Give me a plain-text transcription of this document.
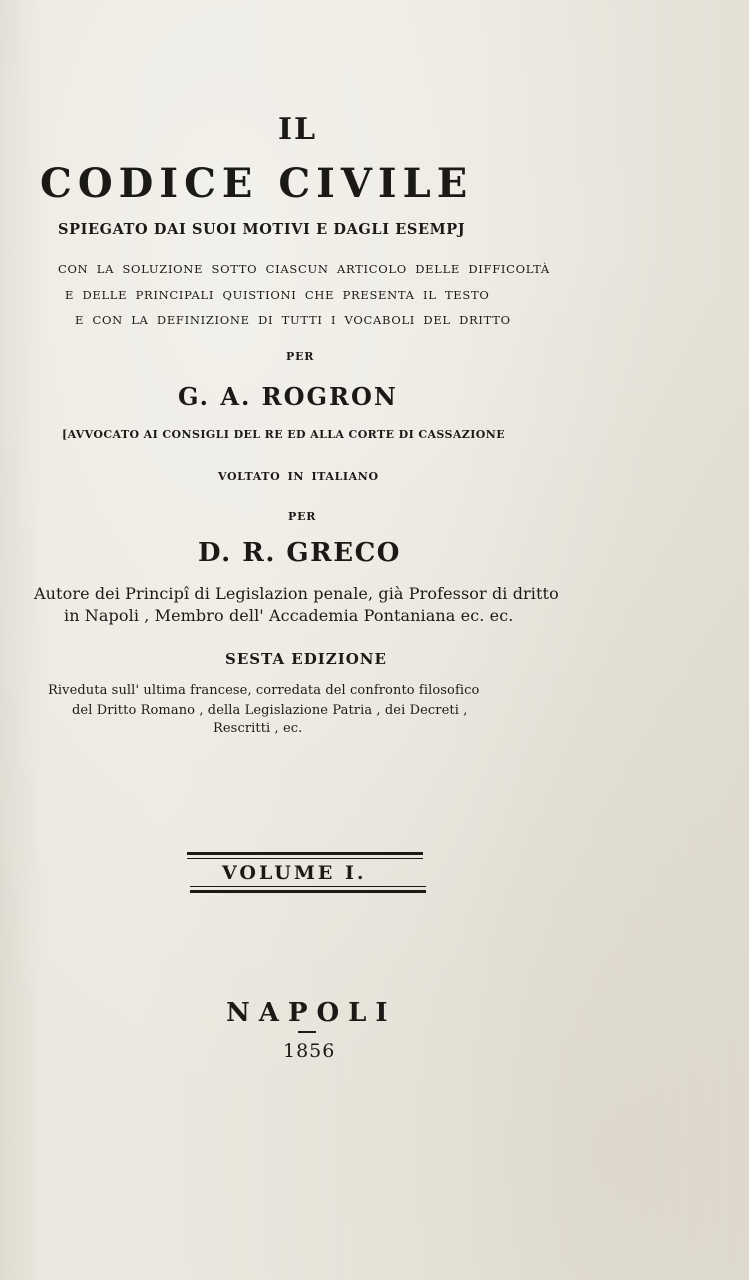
IL
CODICE CIVILE
SPIEGATO DAI SUOI MOTIVI E DAGLI ESEMPJ
CON LA SOLUZIONE SOTTO CIASCUN ARTICOLO DELLE DIFFICOLTÀ
E DELLE PRINCIPALI QUISTIONI CHE PRESENTA IL TESTO
E CON LA DEFINIZIONE DI TUTTI I VOCABOLI DEL DRITTO
PER
G. A. ROGRON
[AVVOCATO AI CONSIGLI DEL RE ED ALLA CORTE DI CASSAZIONE
VOLTATO IN ITALIANO
PER
D. R. GRECO
Autore dei Principî di Legislazion penale, già Professor di dritto
in Napoli , Membro dell' Accademia Pontaniana ec. ec.
SESTA EDIZIONE
Riveduta sull' ultima francese, corredata del confronto filosofico
del Dritto Romano , della Legislazione Patria , dei Decreti ,
Rescritti , ec.
VOLUME I.
NAPOLI
1856
